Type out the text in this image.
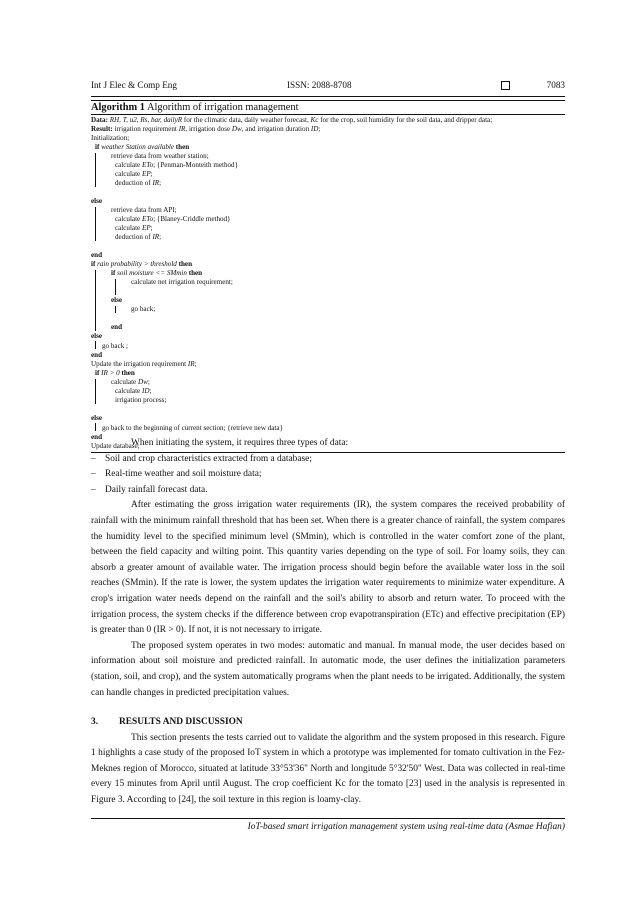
Int J Elec & Comp Eng	ISSN: 2088-8708	7083
Algorithm 1 Algorithm of irrigation management
Data: RH, T, u2, Rs, bar, dailyR for the climatic data, daily weather forecast, Kc for the crop, soil humidity for the soil data, and dripper data;
Result: irrigation requirement IR, irrigation dose Dw, and irrigation duration ID;
Initialization;
if weather Station available then
retrieve data from weather station;
calculate ETo; {Penman-Monteith method}
calculate EP;
deduction of IR;
else
retrieve data from API;
calculate ETo; {Blaney-Criddle method}
calculate EP;
deduction of IR;
end
if rain probability > threshold then
if soil moisture <= SMmin then
calculate net irrigation requirement;
else
go back;
end
else
go back ;
end
Update the irrigation requirement IR;
if IR > 0 then
calculate Dw;
calculate ID;
irrigation process;
else
go back to the beginning of current section; {retrieve new data}
end
Update database;

When initiating the system, it requires three types of data:

– Soil and crop characteristics extracted from a database;

– Real-time weather and soil moisture data;

– Daily rainfall forecast data.

After estimating the gross irrigation water requirements (IR), the system compares the received probability of rainfall with the minimum rainfall threshold that has been set. When there is a greater chance of rainfall, the system compares the humidity level to the specified minimum level (SMmin), which is controlled in the water comfort zone of the plant, between the field capacity and wilting point. This quantity varies depending on the type of soil. For loamy soils, they can absorb a greater amount of available water. The irrigation process should begin before the available water loss in the soil reaches (SMmin). If the rate is lower, the system updates the irrigation water requirements to minimize water expenditure. A crop's irrigation water needs depend on the rainfall and the soil's ability to absorb and return water. To proceed with the irrigation process, the system checks if the difference between crop evapotranspiration (ETc) and effective precipitation (EP) is greater than 0 (IR > 0). If not, it is not necessary to irrigate.

The proposed system operates in two modes: automatic and manual. In manual mode, the user decides based on information about soil moisture and predicted rainfall. In automatic mode, the user defines the initialization parameters (station, soil, and crop), and the system automatically programs when the plant needs to be irrigated. Additionally, the system can handle changes in predicted precipitation values.

3. RESULTS AND DISCUSSION

This section presents the tests carried out to validate the algorithm and the system proposed in this research. Figure 1 highlights a case study of the proposed IoT system in which a prototype was implemented for tomato cultivation in the Fez-Meknes region of Morocco, situated at latitude 33°53'36" North and longitude 5°32'50" West. Data was collected in real-time every 15 minutes from April until August. The crop coefficient Kc for the tomato [23] used in the analysis is represented in Figure 3. According to [24], the soil texture in this region is loamy-clay.

IoT-based smart irrigation management system using real-time data (Asmae Hafian)
